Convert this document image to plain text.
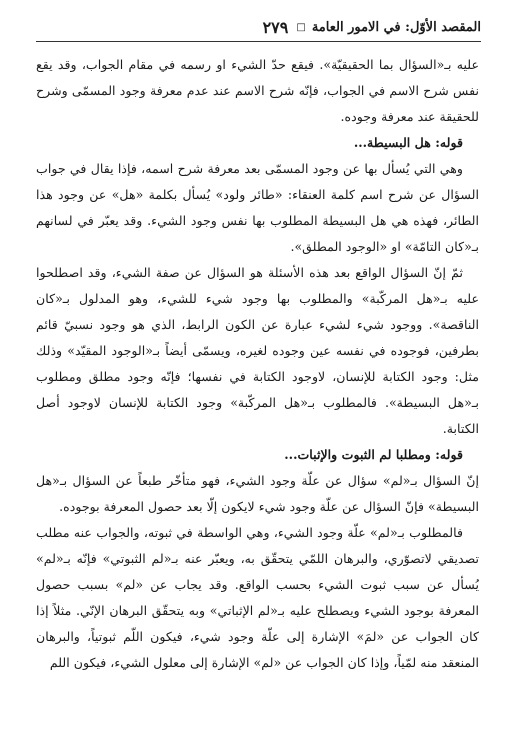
المقصد الأوّل: في الامور العامة
□
٢٧٩

عليه بـ«السؤال بما الحقيقيّة». فيقع حدّ الشيء او رسمه في مقام الجواب، وقد يقع نفس شرح الاسم في الجواب، فإنّه شرح الاسم عند عدم معرفة وجود المسمّى وشرح للحقيقة عند معرفة وجوده.

قوله: هل البسيطة...

وهي التي يُسأل بها عن وجود المسمّى بعد معرفة شرح اسمه، فإذا يقال في جواب السؤال عن شرح اسم كلمة العنقاء: «طائر ولود» يُسأل بكلمة «هل» عن وجود هذا الطائر، فهذه هي هل البسيطة المطلوب بها نفس وجود الشيء. وقد يعبّر في لسانهم بـ«كان التامّة» او «الوجود المطلق».

ثمّ إنّ السؤال الواقع بعد هذه الأسئلة هو السؤال عن صفة الشيء، وقد اصطلحوا عليه بـ«هل المركّبة» والمطلوب بها وجود شيء للشيء، وهو المدلول بـ«كان الناقصة». ووجود شيء لشيء عبارة عن الكون الرابط، الذي هو وجود نسبيّ قائم بطرفين، فوجوده في نفسه عين وجوده لغيره، ويسمّى أيضاً بـ«الوجود المقيّد» وذلك مثل: وجود الكتابة للإنسان، لاوجود الكتابة في نفسها؛ فإنّه وجود مطلق ومطلوب بـ«هل البسيطة». فالمطلوب بـ«هل المركّبة» وجود الكتابة للإنسان لاوجود أصل الكتابة.

قوله: ومطلبا لم الثبوت والإثبات...

إنّ السؤال بـ«لم» سؤال عن علّة وجود الشيء، فهو متأخّر طبعاً عن السؤال بـ«هل البسيطة» فإنّ السؤال عن علّة وجود شيء لايكون إلّا بعد حصول المعرفة بوجوده.

فالمطلوب بـ«لم» علّة وجود الشيء، وهي الواسطة في ثبوته، والجواب عنه مطلب تصديقي لاتصوّري، والبرهان اللمّي يتحقّق به، ويعبّر عنه بـ«لم الثبوتي» فإنّه بـ«لم» يُسأل عن سبب ثبوت الشيء بحسب الواقع. وقد يجاب عن «لم» بسبب حصول المعرفة بوجود الشيء ويصطلح عليه بـ«لم الإثباتي» وبه يتحقّق البرهان الإنّي. مثلاً إذا كان الجواب عن «لمَ» الإشارة إلى علّة وجود شيء، فيكون اللّم ثبوتياً، والبرهان المنعقد منه لمّياً، وإذا كان الجواب عن «لم» الإشارة إلى معلول الشيء، فيكون اللم
